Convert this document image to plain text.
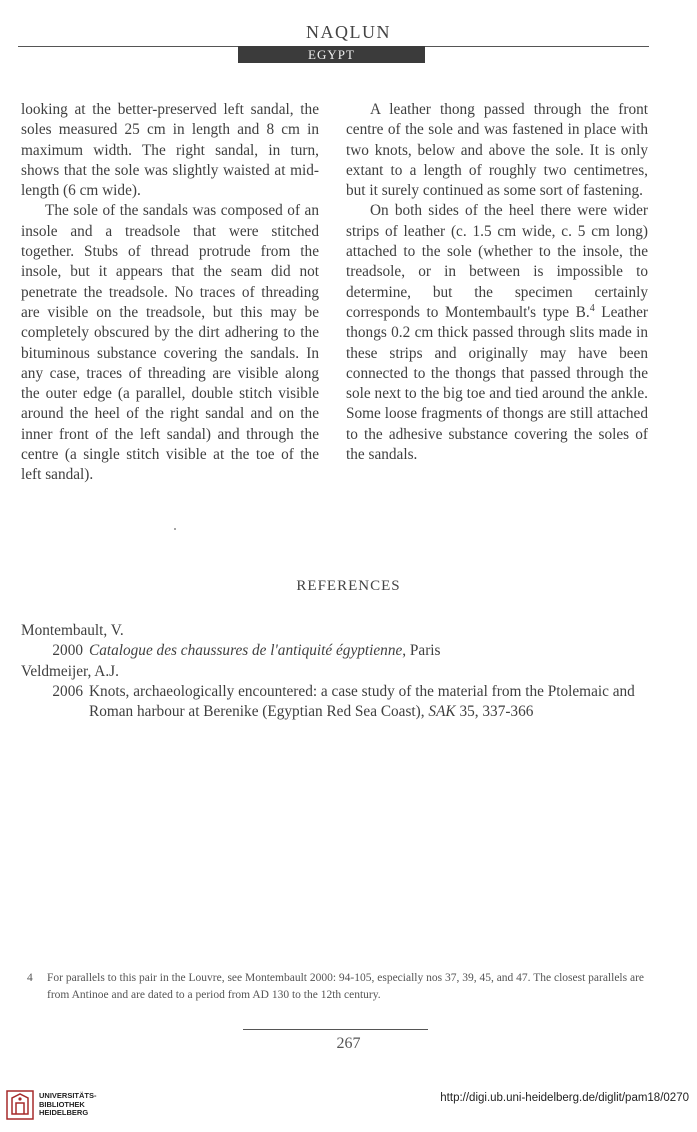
NAQLUN
EGYPT

looking at the better-preserved left sandal, the soles measured 25 cm in length and 8 cm in maximum width. The right sandal, in turn, shows that the sole was slightly waisted at mid-length (6 cm wide).

The sole of the sandals was composed of an insole and a treadsole that were stitched together. Stubs of thread protrude from the insole, but it appears that the seam did not penetrate the treadsole. No traces of threading are visible on the treadsole, but this may be completely obscured by the dirt adhering to the bituminous substance covering the sandals. In any case, traces of threading are visible along the outer edge (a parallel, double stitch visible around the heel of the right sandal and on the inner front of the left sandal) and through the centre (a single stitch visible at the toe of the left sandal).

A leather thong passed through the front centre of the sole and was fastened in place with two knots, below and above the sole. It is only extant to a length of roughly two centimetres, but it surely continued as some sort of fastening.

On both sides of the heel there were wider strips of leather (c. 1.5 cm wide, c. 5 cm long) attached to the sole (whether to the insole, the treadsole, or in between is impossible to determine, but the specimen certainly corresponds to Montembault's type B.$^4$ Leather thongs 0.2 cm thick passed through slits made in these strips and originally may have been connected to the thongs that passed through the sole next to the big toe and tied around the ankle. Some loose fragments of thongs are still attached to the adhesive substance covering the soles of the sandals.

REFERENCES

Montembault, V.

2000 Catalogue des chaussures de l'antiquité égyptienne, Paris

Veldmeijer, A.J.

2006 Knots, archaeologically encountered: a case study of the material from the Ptolemaic and Roman harbour at Berenike (Egyptian Red Sea Coast), SAK 35, 337-366
4	For parallels to this pair in the Louvre, see Montembault 2000: 94-105, especially nos 37, 39, 45, and 47. The closest parallels are from Antinoe and are dated to a period from AD 130 to the 12th century.
267
UNIVERSITÄTS-
BIBLIOTHEK
HEIDELBERG
http://digi.ub.uni-heidelberg.de/diglit/pam18/0270
